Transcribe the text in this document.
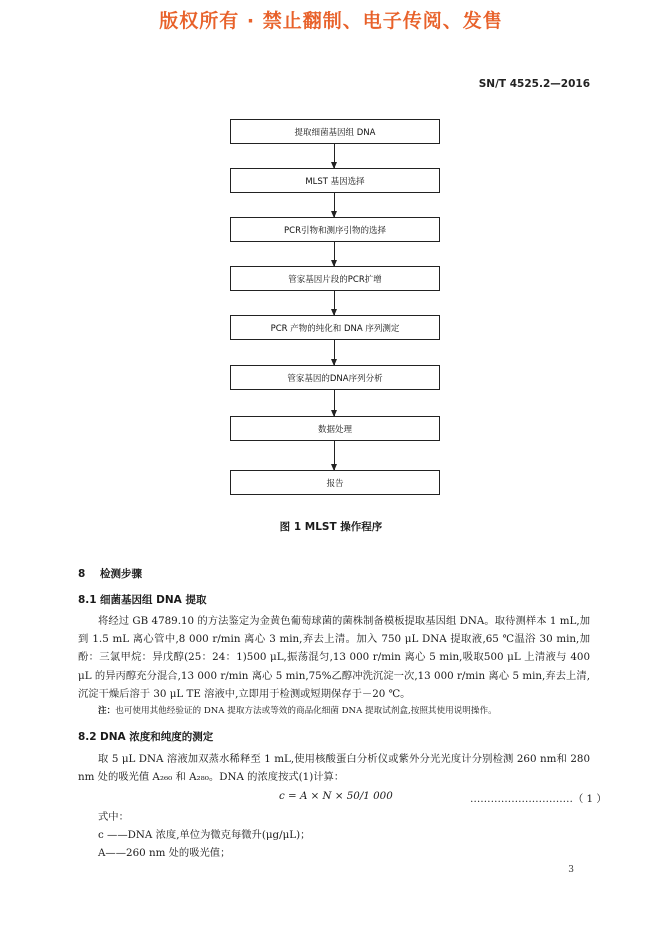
版权所有 · 禁止翻制、电子传阅、发售
SN/T 4525.2—2016
提取细菌基因组 DNA
MLST 基因选择
PCR引物和测序引物的选择
管家基因片段的PCR扩增
PCR 产物的纯化和 DNA 序列测定
管家基因的DNA序列分析
数据处理
报告
图 1 MLST 操作程序
8 检测步骤
8.1 细菌基因组 DNA 提取

将经过 GB 4789.10 的方法鉴定为金黄色葡萄球菌的菌株制备模板提取基因组 DNA。取待测样本 1 mL,加到 1.5 mL 离心管中,8 000 r/min 离心 3 min,弃去上清。加入 750 μL DNA 提取液,65 ℃温浴 30 min,加酚：三氯甲烷：异戊醇(25：24：1)500 μL,振荡混匀,13 000 r/min 离心 5 min,吸取500 μL 上清液与 400 μL 的异丙醇充分混合,13 000 r/min 离心 5 min,75%乙醇冲洗沉淀一次,13 000 r/min 离心 5 min,弃去上清,沉淀干燥后溶于 30 μL TE 溶液中,立即用于检测或短期保存于－20 ℃。

注：也可使用其他经验证的 DNA 提取方法或等效的商品化细菌 DNA 提取试剂盒,按照其使用说明操作。
8.2 DNA 浓度和纯度的测定

取 5 μL DNA 溶液加双蒸水稀释至 1 mL,使用核酸蛋白分析仪或紫外分光光度计分别检测 260 nm和 280 nm 处的吸光值 A₂₆₀ 和 A₂₈₀。DNA 的浓度按式(1)计算：

c = A × N × 50/1 000	…………………………（ 1 ）
式中：
c ——DNA 浓度,单位为微克每微升(μg/μL)；
A——260 nm 处的吸光值；
3
